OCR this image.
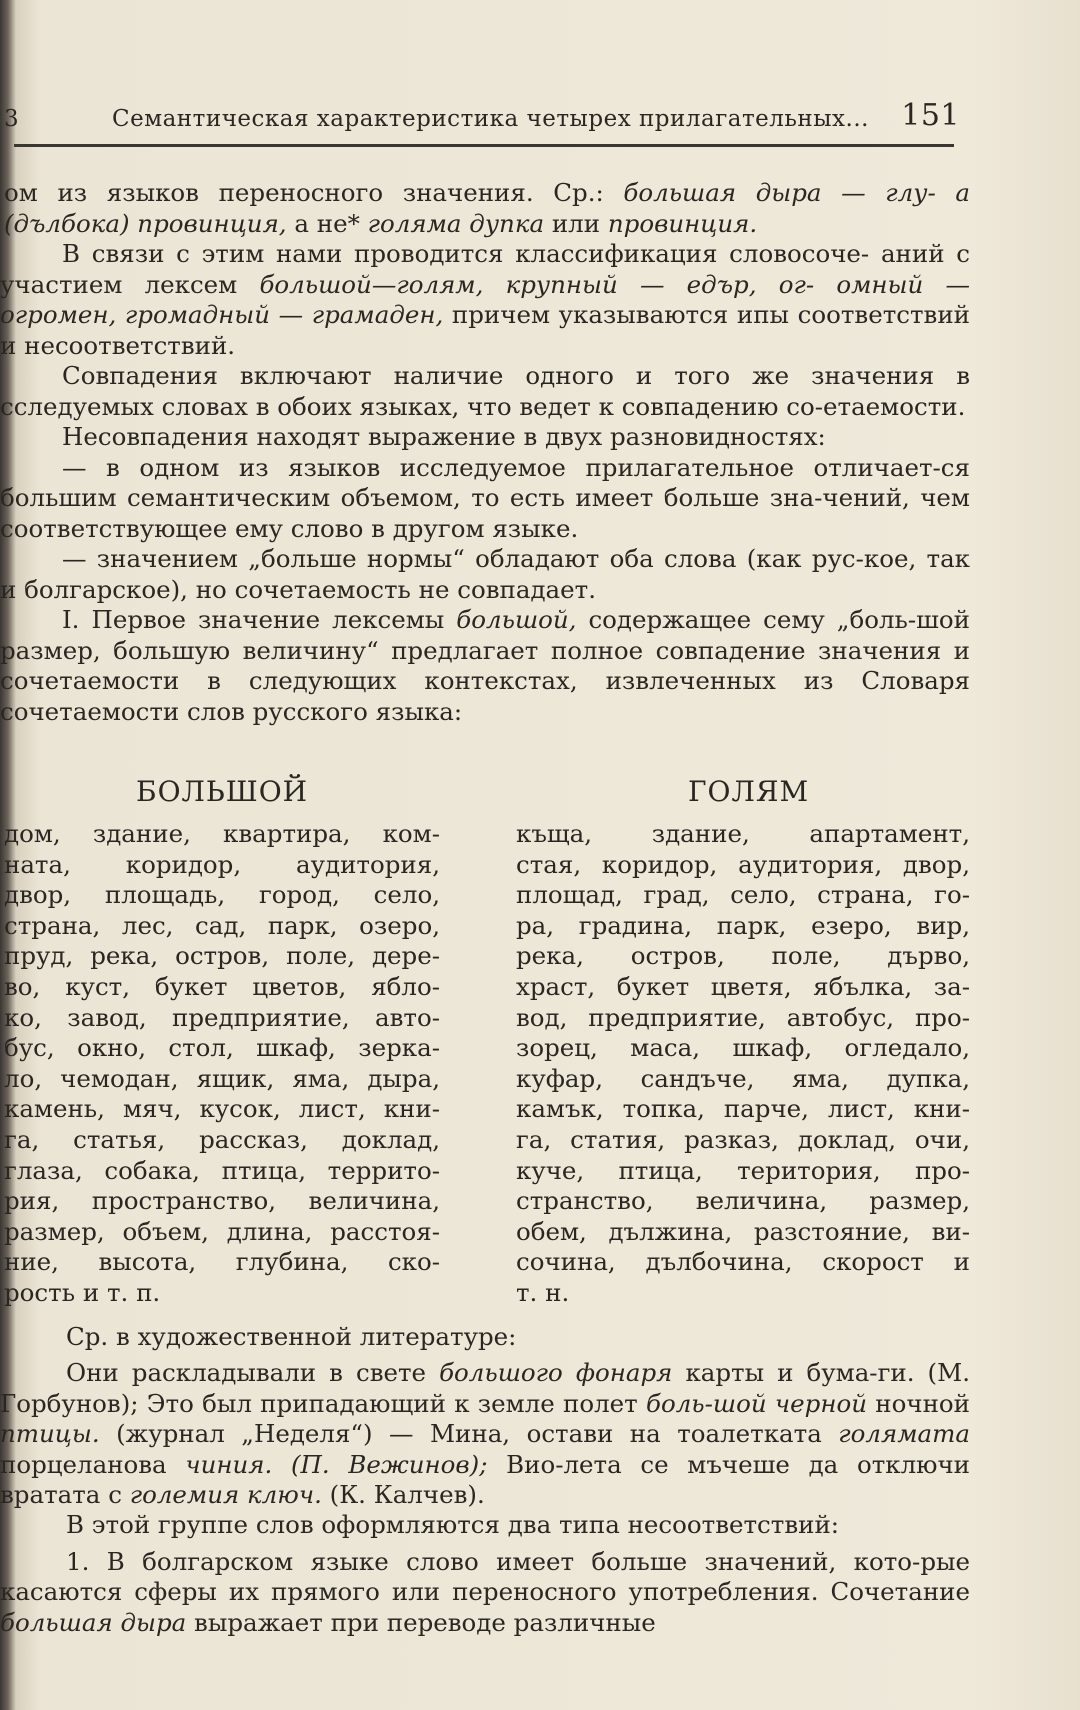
3	Семантическая характеристика четырех прилагательных... 151

ом из языков переносного значения. Ср.: большая дыра — глу- а (дълбока) провинция, а не* голяма дупка или провинция.

В связи с этим нами проводится классификация словосоче- аний с участием лексем большой—голям, крупный — едър, ог- омный — огромен, громадный — грамаден, причем указываются ипы соответствий и несоответствий.

Совпадения включают наличие одного и того же значения в сследуемых словах в обоих языках, что ведет к совпадению со-етаемости.

Несовпадения находят выражение в двух разновидностях:

— в одном из языков исследуемое прилагательное отличает-ся большим семантическим объемом, то есть имеет больше зна-чений, чем соответствующее ему слово в другом языке.

— значением „больше нормы“ обладают оба слова (как рус-кое, так и болгарское), но сочетаемость не совпадает.

I. Первое значение лексемы большой, содержащее сему „боль-шой размер, большую величину“ предлагает полное совпадение значения и сочетаемости в следующих контекстах, извлеченных из Словаря сочетаемости слов русского языка:

БОЛЬШОЙ	ГОЛЯМ
дом, здание, квартира, ком-
ната, коридор, аудитория,
двор, площадь, город, село,
страна, лес, сад, парк, озеро,
пруд, река, остров, поле, дере-
во, куст, букет цветов, ябло-
ко, завод, предприятие, авто-
бус, окно, стол, шкаф, зерка-
ло, чемодан, ящик, яма, дыра,
камень, мяч, кусок, лист, кни-
га, статья, рассказ, доклад,
глаза, собака, птица, террито-
рия, пространство, величина,
размер, объем, длина, расстоя-
ние, высота, глубина, ско-
рость и т. п.
къща, здание, апартамент,
стая, коридор, аудитория, двор,
площад, град, село, страна, го-
ра, градина, парк, езеро, вир,
река, остров, поле, дърво,
храст, букет цветя, ябълка, за-
вод, предприятие, автобус, про-
зорец, маса, шкаф, огледало,
куфар, сандъче, яма, дупка,
камък, топка, парче, лист, кни-
га, статия, разказ, доклад, очи,
куче, птица, територия, про-
странство, величина, размер,
обем, дължина, разстояние, ви-
сочина, дълбочина, скорост и
т. н.

Ср. в художественной литературе:

Они раскладывали в свете большого фонаря карты и бума-ги. (М. Горбунов); Это был припадающий к земле полет боль-шой черной ночной птицы. (журнал „Неделя“) — Мина, остави на тоалетката голямата порцеланова чиния. (П. Вежинов); Вио-лета се мъчеше да отключи вратата с големия ключ. (К. Калчев).

В этой группе слов оформляются два типа несоответствий:

1. В болгарском языке слово имеет больше значений, кото-рые касаются сферы их прямого или переносного употребления. Сочетание большая дыра выражает при переводе различные
